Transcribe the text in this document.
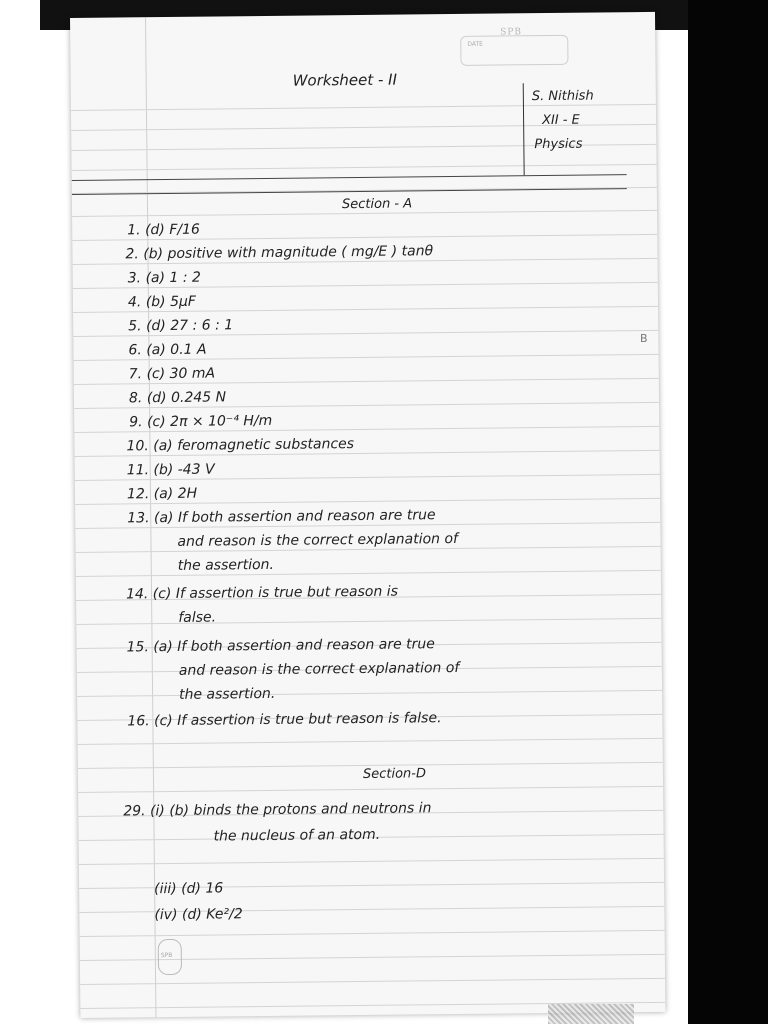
SPB
DATE
Worksheet - II
S. Nithish
XII - E
Physics
Section - A
1. (d) F/16
2. (b) positive with magnitude ( mg/E ) tanθ
3. (a) 1 : 2
4. (b) 5μF
5. (d) 27 : 6 : 1
6. (a) 0.1 A
7. (c) 30 mA
8. (d) 0.245 N
9. (c) 2π × 10⁻⁴ H/m
10. (a) feromagnetic substances
11. (b) -43 V
12. (a) 2H
13. (a) If both assertion and reason are true
and reason is the correct explanation of
the assertion.
14. (c) If assertion is true but reason is
false.
15. (a) If both assertion and reason are true
and reason is the correct explanation of
the assertion.
16. (c) If assertion is true but reason is false.
Section-D
29. (i) (b) binds the protons and neutrons in
the nucleus of an atom.
(iii) (d) 16
(iv) (d) Ke²/2
SPB
B
